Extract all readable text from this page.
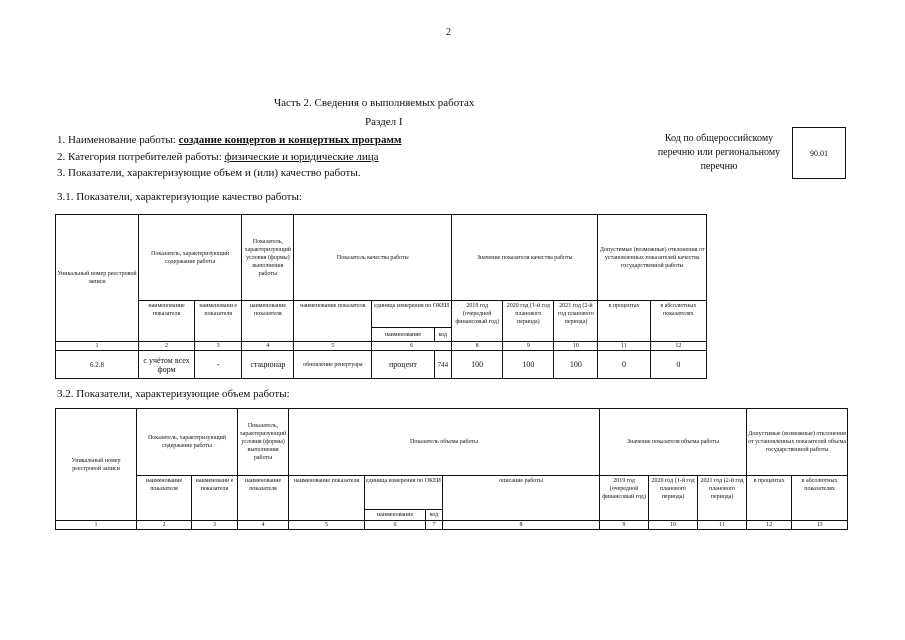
2
Часть 2. Сведения о выполняемых работах
Раздел I
1. Наименование работы: создание концертов и концертных программ
2. Категория потребителей работы: физические и юридические лица
3. Показатели, характеризующие объем и (или) качество работы.
Код по общероссийскому
перечню или региональному
перечню
90.01
3.1. Показатели, характеризующие качество работы:
Уникальный номер реестровой записи	Показатель, характеризующий содержание работы		Показатель, характеризующий условия (формы) выполнения работы	Показатель качества работы			Значение показателя качества работы			Допустимые (возможные) отклонения от установленных показателей качества государственной работы	
	наименование показателя	наименовани е показателя	наименование показателя	наименование показателя	единица измерения по ОКЕИ		2019 год (очередной финансовый год)	2020 год (1-й год планового периода)	2021 год (2-й год планового периода)	в процентах	в абсолютных показателях
					наименование	код					
1	2	3	4	5	6		8	9	10	11	12
6.2.8	с учётом всех форм	-	стационар	обновление репертуара	процент	744	100	100	100	0	0
3.2. Показатели, характеризующие объем работы:
Уникальный номер реестровой записи	Показатель, характеризующий содержание работы		Показатель, характеризующий условия (формы) выполнения работы	Показатель объема работы				Значение показателя объема работы			Допустимые (возможные) отклонения от установленных показателей объема государственной работы	
	наименование показателя	наименовани е показателя	наименование показателя	наименование показателя	единица измерения по ОКЕИ		описание работы	2019 год (очередной финансовый год)	2020 год (1-й год планового периода)	2021 год (2-й год планового периода)	в процентах	в абсолютных показателях
					наименование	код						
1	2	3	4	5	6	7	8	9	10	11	12	13
